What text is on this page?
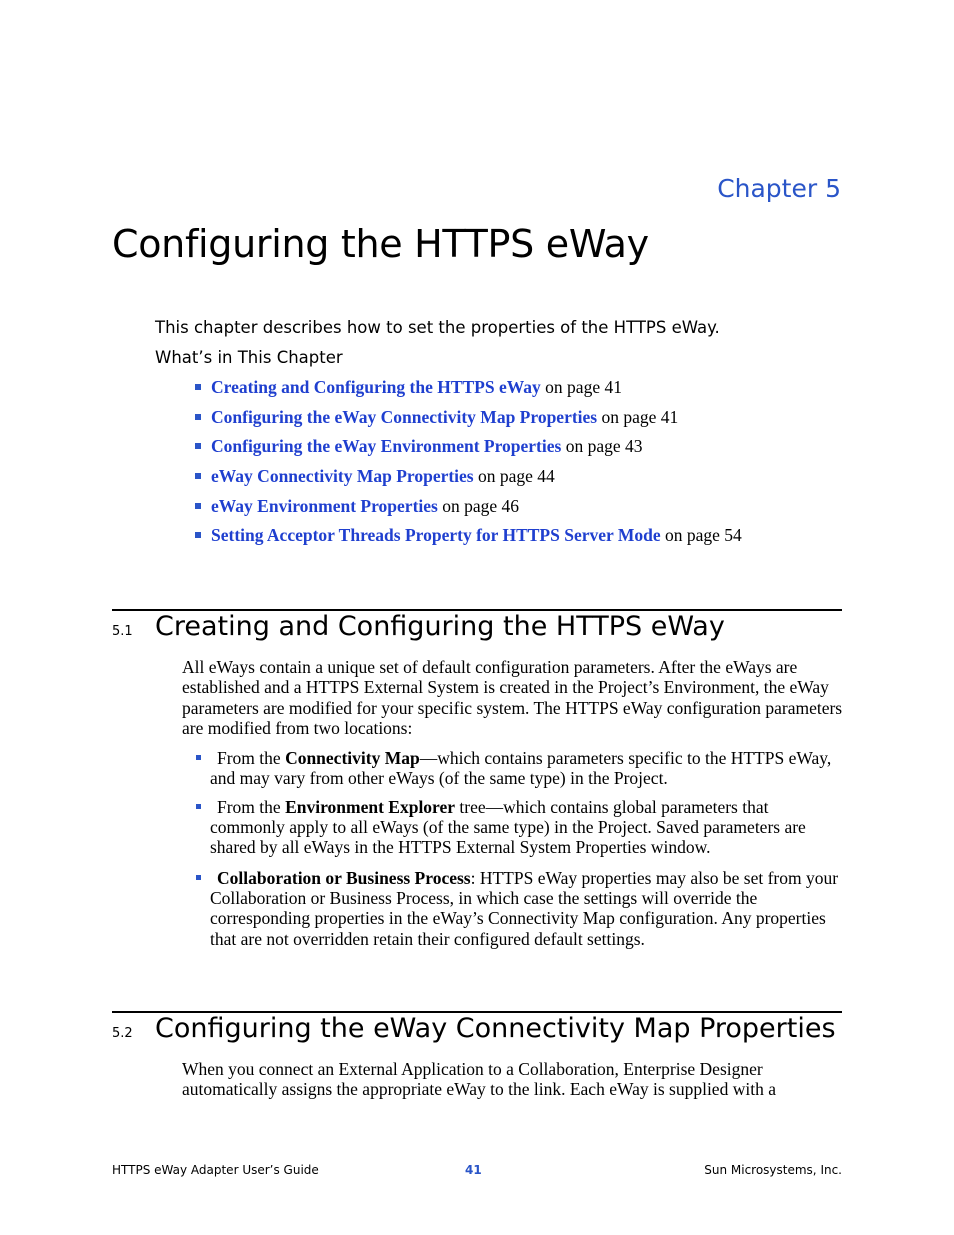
Chapter 5
Configuring the HTTPS eWay
This chapter describes how to set the properties of the HTTPS eWay.
What’s in This Chapter
Creating and Configuring the HTTPS eWay on page 41
Configuring the eWay Connectivity Map Properties on page 41
Configuring the eWay Environment Properties on page 43
eWay Connectivity Map Properties on page 44
eWay Environment Properties on page 46
Setting Acceptor Threads Property for HTTPS Server Mode on page 54
5.1 Creating and Configuring the HTTPS eWay
All eWays contain a unique set of default configuration parameters. After the eWays are established and a HTTPS External System is created in the Project’s Environment, the eWay parameters are modified for your specific system. The HTTPS eWay configuration parameters are modified from two locations:
From the Connectivity Map—which contains parameters specific to the HTTPS eWay, and may vary from other eWays (of the same type) in the Project.
From the Environment Explorer tree—which contains global parameters that commonly apply to all eWays (of the same type) in the Project. Saved parameters are shared by all eWays in the HTTPS External System Properties window.
Collaboration or Business Process: HTTPS eWay properties may also be set from your Collaboration or Business Process, in which case the settings will override the corresponding properties in the eWay’s Connectivity Map configuration. Any properties that are not overridden retain their configured default settings.
5.2 Configuring the eWay Connectivity Map Properties
When you connect an External Application to a Collaboration, Enterprise Designer automatically assigns the appropriate eWay to the link. Each eWay is supplied with a
HTTPS eWay Adapter User’s Guide	41	Sun Microsystems, Inc.
